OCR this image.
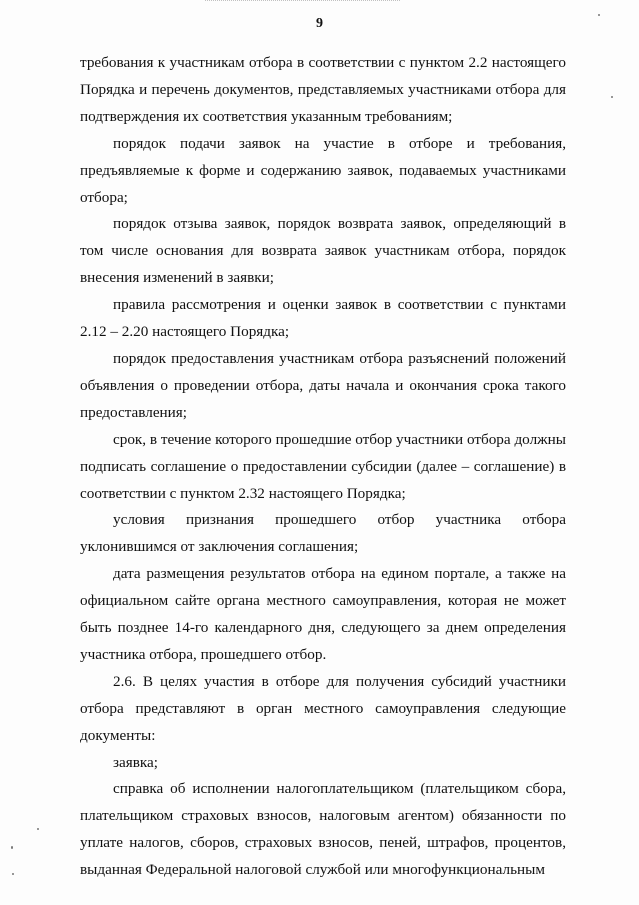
9

требования к участникам отбора в соответствии с пунктом 2.2 настоящего Порядка и перечень документов, представляемых участниками отбора для подтверждения их соответствия указанным требованиям;

порядок подачи заявок на участие в отборе и требования, предъявляемые к форме и содержанию заявок, подаваемых участниками отбора;

порядок отзыва заявок, порядок возврата заявок, определяющий в том числе основания для возврата заявок участникам отбора, порядок внесения изменений в заявки;

правила рассмотрения и оценки заявок в соответствии с пунктами 2.12 – 2.20 настоящего Порядка;

порядок предоставления участникам отбора разъяснений положений объявления о проведении отбора, даты начала и окончания срока такого предоставления;

срок, в течение которого прошедшие отбор участники отбора должны подписать соглашение о предоставлении субсидии (далее – соглашение) в соответствии с пунктом 2.32 настоящего Порядка;

условия признания прошедшего отбор участника отбора уклонившимся от заключения соглашения;

дата размещения результатов отбора на едином портале, а также на официальном сайте органа местного самоуправления, которая не может быть позднее 14-го календарного дня, следующего за днем определения участника отбора, прошедшего отбор.

2.6. В целях участия в отборе для получения субсидий участники отбора представляют в орган местного самоуправления следующие документы:

заявка;

справка об исполнении налогоплательщиком (плательщиком сбора, плательщиком страховых взносов, налоговым агентом) обязанности по уплате налогов, сборов, страховых взносов, пеней, штрафов, процентов, выданная Федеральной налоговой службой или многофункциональным
